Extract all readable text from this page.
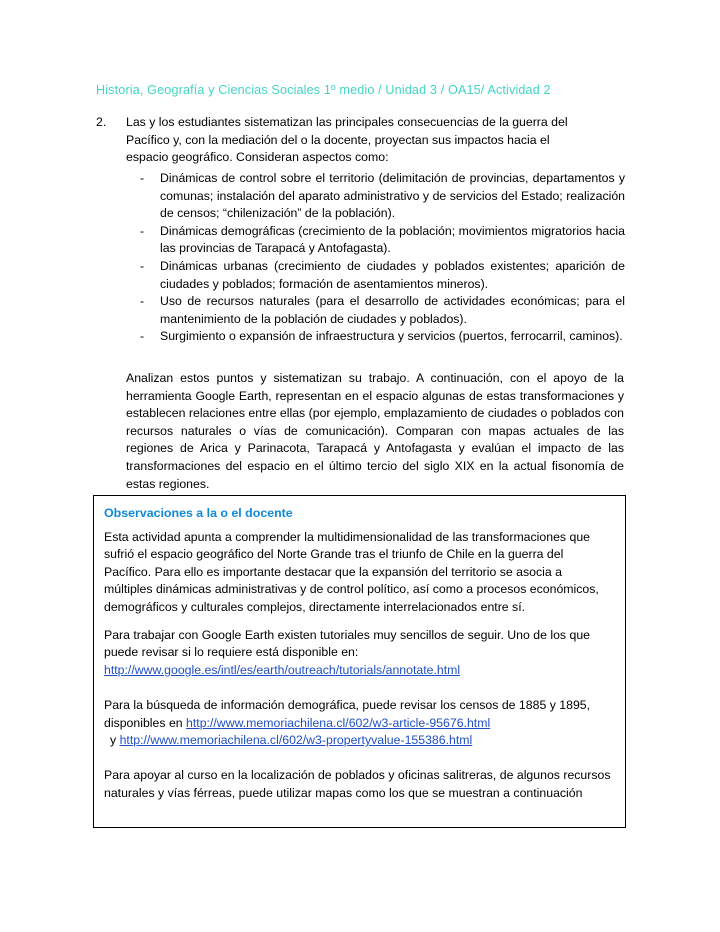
Historia, Geografía y Ciencias Sociales 1º medio / Unidad 3 / OA15/ Actividad 2
2.	Las y los estudiantes sistematizan las principales consecuencias de la guerra del Pacífico y, con la mediación del o la docente, proyectan sus impactos hacia el espacio geográfico. Consideran aspectos como:
-	Dinámicas de control sobre el territorio (delimitación de provincias, departamentos y comunas; instalación del aparato administrativo y de servicios del Estado; realización de censos; “chilenización” de la población).
-	Dinámicas demográficas (crecimiento de la población; movimientos migratorios hacia las provincias de Tarapacá y Antofagasta).
-	Dinámicas urbanas (crecimiento de ciudades y poblados existentes; aparición de ciudades y poblados; formación de asentamientos mineros).
-	Uso de recursos naturales (para el desarrollo de actividades económicas; para el mantenimiento de la población de ciudades y poblados).
-	Surgimiento o expansión de infraestructura y servicios (puertos, ferrocarril, caminos).
Analizan estos puntos y sistematizan su trabajo. A continuación, con el apoyo de la herramienta Google Earth, representan en el espacio algunas de estas transformaciones y establecen relaciones entre ellas (por ejemplo, emplazamiento de ciudades o poblados con recursos naturales o vías de comunicación). Comparan con mapas actuales de las regiones de Arica y Parinacota, Tarapacá y Antofagasta y evalúan el impacto de las transformaciones del espacio en el último tercio del siglo XIX en la actual fisonomía de estas regiones.
Observaciones a la o el docente
Esta actividad apunta a comprender la multidimensionalidad de las transformaciones que sufrió el espacio geográfico del Norte Grande tras el triunfo de Chile en la guerra del Pacífico. Para ello es importante destacar que la expansión del territorio se asocia a múltiples dinámicas administrativas y de control político, así como a procesos económicos, demográficos y culturales complejos, directamente interrelacionados entre sí.
Para trabajar con Google Earth existen tutoriales muy sencillos de seguir. Uno de los que puede revisar si lo requiere está disponible en:
http://www.google.es/intl/es/earth/outreach/tutorials/annotate.html
Para la búsqueda de información demográfica, puede revisar los censos de 1885 y 1895, disponibles en http://www.memoriachilena.cl/602/w3-article-95676.html
y http://www.memoriachilena.cl/602/w3-propertyvalue-155386.html
Para apoyar al curso en la localización de poblados y oficinas salitreras, de algunos recursos naturales y vías férreas, puede utilizar mapas como los que se muestran a continuación
